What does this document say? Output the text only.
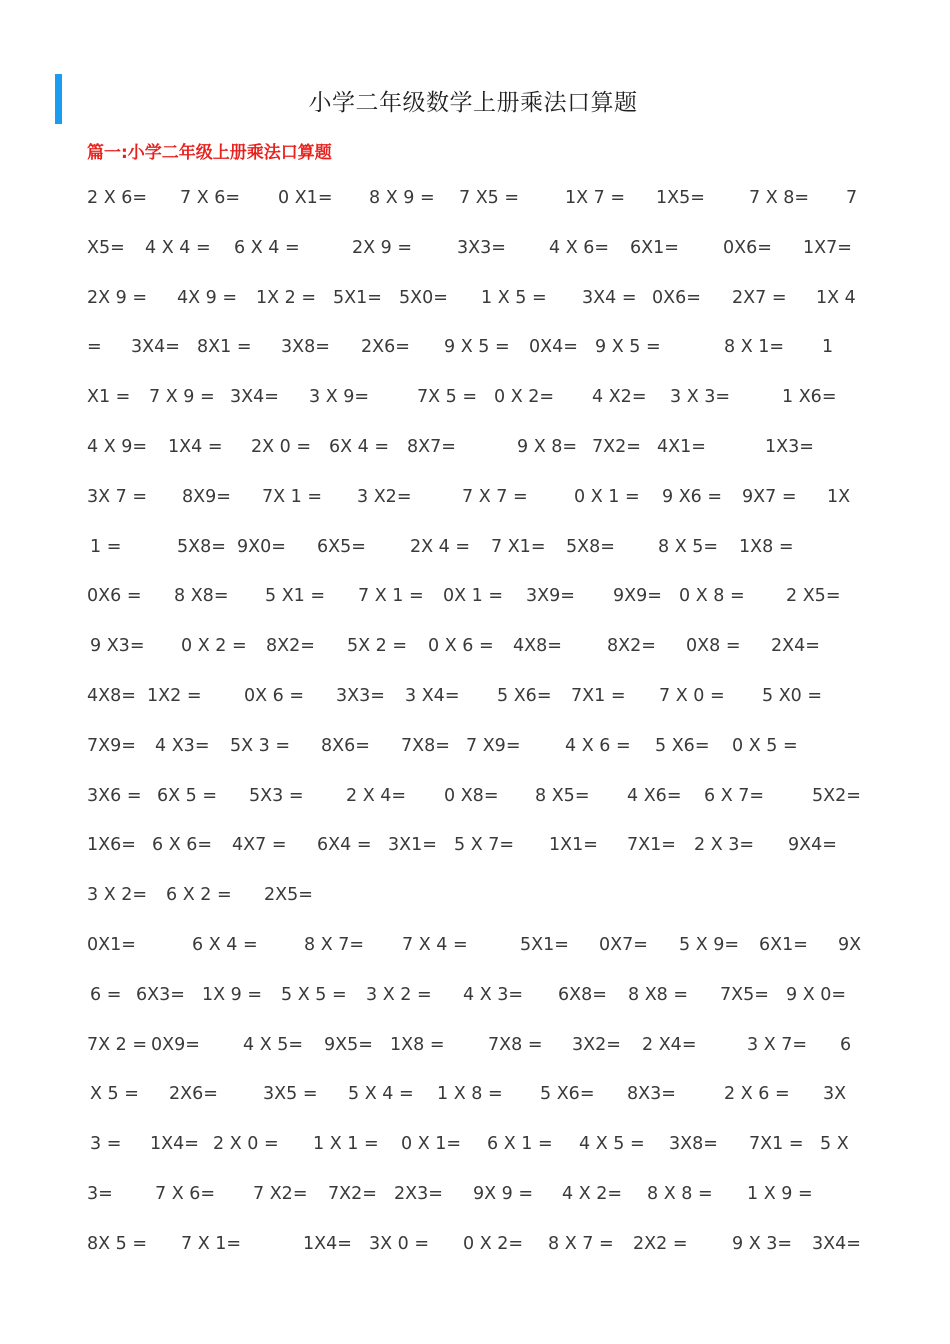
小学二年级数学上册乘法口算题
篇一:小学二年级上册乘法口算题
2 X 6= 7 X 6= 0 X1= 8 X 9 = 7 X5 =	1X 7 = 1X5=	7 X 8= 7
X5= 4 X 4 = 6 X 4 =	2X 9 =	3X3= 4 X 6= 6X1=	0X6= 1X7=
2X 9 = 4X 9 = 1X 2 = 5X1= 5X0= 1 X 5 = 3X4 = 0X6= 2X7 = 1X 4
= 3X4= 8X1 = 3X8= 2X6= 9 X 5 = 0X4= 9 X 5 =	8 X 1= 1
X1 = 7 X 9 = 3X4= 3 X 9=	7X 5 = 0 X 2= 4 X2= 3 X 3=	1 X6=
4 X 9= 1X4 = 2X 0 = 6X 4 = 8X7=	9 X 8= 7X2= 4X1=	1X3=
3X 7 = 8X9= 7X 1 = 3 X2=	7 X 7 =	0 X 1 = 9 X6 = 9X7 = 1X
1 =	5X8= 9X0= 6X5=	2X 4 = 7 X1= 5X8= 8 X 5= 1X8 =
0X6 = 8 X8= 5 X1 = 7 X 1 = 0X 1 = 3X9= 9X9= 0 X 8 = 2 X5=
9 X3= 0 X 2 = 8X2= 5X 2 = 0 X 6 = 4X8=	8X2= 0X8 = 2X4=
4X8= 1X2 = 0X 6 = 3X3= 3 X4= 5 X6= 7X1 = 7 X 0 = 5 X0 =
7X9= 4 X3= 5X 3 = 8X6= 7X8= 7 X9=	4 X 6 = 5 X6= 0 X 5 =
3X6 = 6X 5 = 5X3 = 2 X 4= 0 X8= 8 X5= 4 X6= 6 X 7=	5X2=
1X6= 6 X 6= 4X7 = 6X4 = 3X1= 5 X 7= 1X1= 7X1= 2 X 3= 9X4=
3 X 2= 6 X 2 = 2X5=
0X1=	6 X 4 =	8 X 7= 7 X 4 =	5X1= 0X7= 5 X 9= 6X1= 9X
6 = 6X3= 1X 9 = 5 X 5 = 3 X 2 = 4 X 3= 6X8= 8 X8 = 7X5= 9 X 0=
7X 2 = 0X9= 4 X 5= 9X5= 1X8 = 7X8 = 3X2= 2 X4=	3 X 7= 6
X 5 = 2X6=	3X5 = 5 X 4 = 1 X 8 = 5 X6= 8X3=	2 X 6 = 3X
3 = 1X4= 2 X 0 = 1 X 1 = 0 X 1= 6 X 1 = 4 X 5 = 3X8= 7X1 = 5 X
3= 7 X 6= 7 X2= 7X2= 2X3= 9X 9 = 4 X 2= 8 X 8 = 1 X 9 =
8X 5 = 7 X 1=	1X4= 3X 0 = 0 X 2= 8 X 7 = 2X2 =	9 X 3= 3X4=
